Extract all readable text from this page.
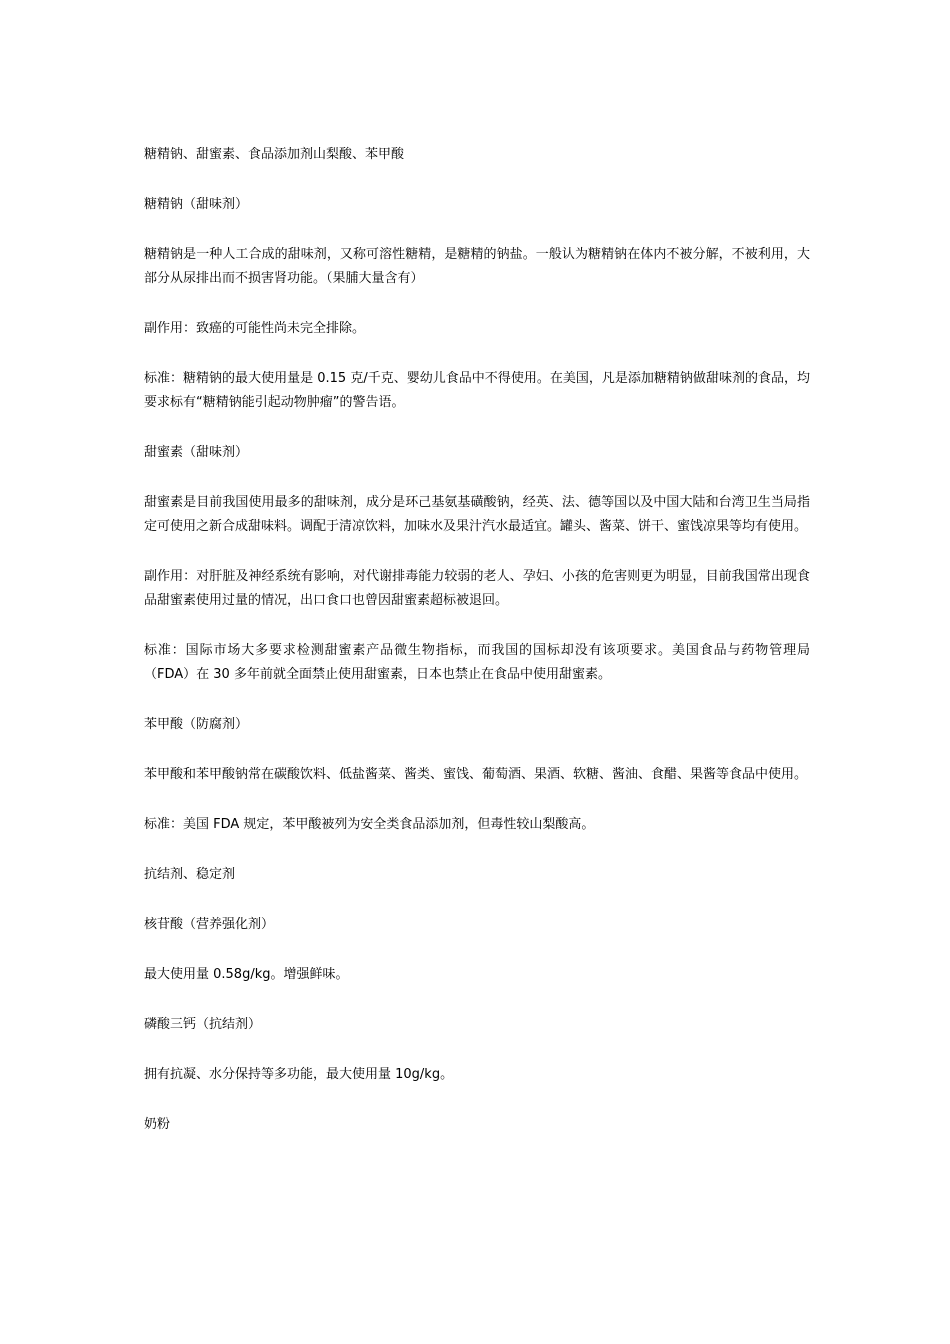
糖精钠、甜蜜素、食品添加剂山梨酸、苯甲酸

糖精钠（甜味剂）

糖精钠是一种人工合成的甜味剂，又称可溶性糖精，是糖精的钠盐。一般认为糖精钠在体内不被分解，不被利用，大部分从尿排出而不损害肾功能。（果脯大量含有）

副作用：致癌的可能性尚未完全排除。

标准：糖精钠的最大使用量是 0.15 克/千克、婴幼儿食品中不得使用。在美国，凡是添加糖精钠做甜味剂的食品，均要求标有“糖精钠能引起动物肿瘤”的警告语。

甜蜜素（甜味剂）

甜蜜素是目前我国使用最多的甜味剂，成分是环己基氨基磺酸钠，经英、法、德等国以及中国大陆和台湾卫生当局指定可使用之新合成甜味料。调配于清凉饮料，加味水及果汁汽水最适宜。罐头、酱菜、饼干、蜜饯凉果等均有使用。

副作用：对肝脏及神经系统有影响，对代谢排毒能力较弱的老人、孕妇、小孩的危害则更为明显，目前我国常出现食品甜蜜素使用过量的情况，出口食口也曾因甜蜜素超标被退回。

标准：国际市场大多要求检测甜蜜素产品微生物指标，而我国的国标却没有该项要求。美国食品与药物管理局（FDA）在 30 多年前就全面禁止使用甜蜜素，日本也禁止在食品中使用甜蜜素。

苯甲酸（防腐剂）

苯甲酸和苯甲酸钠常在碳酸饮料、低盐酱菜、酱类、蜜饯、葡萄酒、果酒、软糖、酱油、食醋、果酱等食品中使用。

标准：美国 FDA 规定，苯甲酸被列为安全类食品添加剂，但毒性较山梨酸高。

抗结剂、稳定剂

核苷酸（营养强化剂）

最大使用量 0.58g/kg。增强鲜味。

磷酸三钙（抗结剂）

拥有抗凝、水分保持等多功能，最大使用量 10g/kg。

奶粉
